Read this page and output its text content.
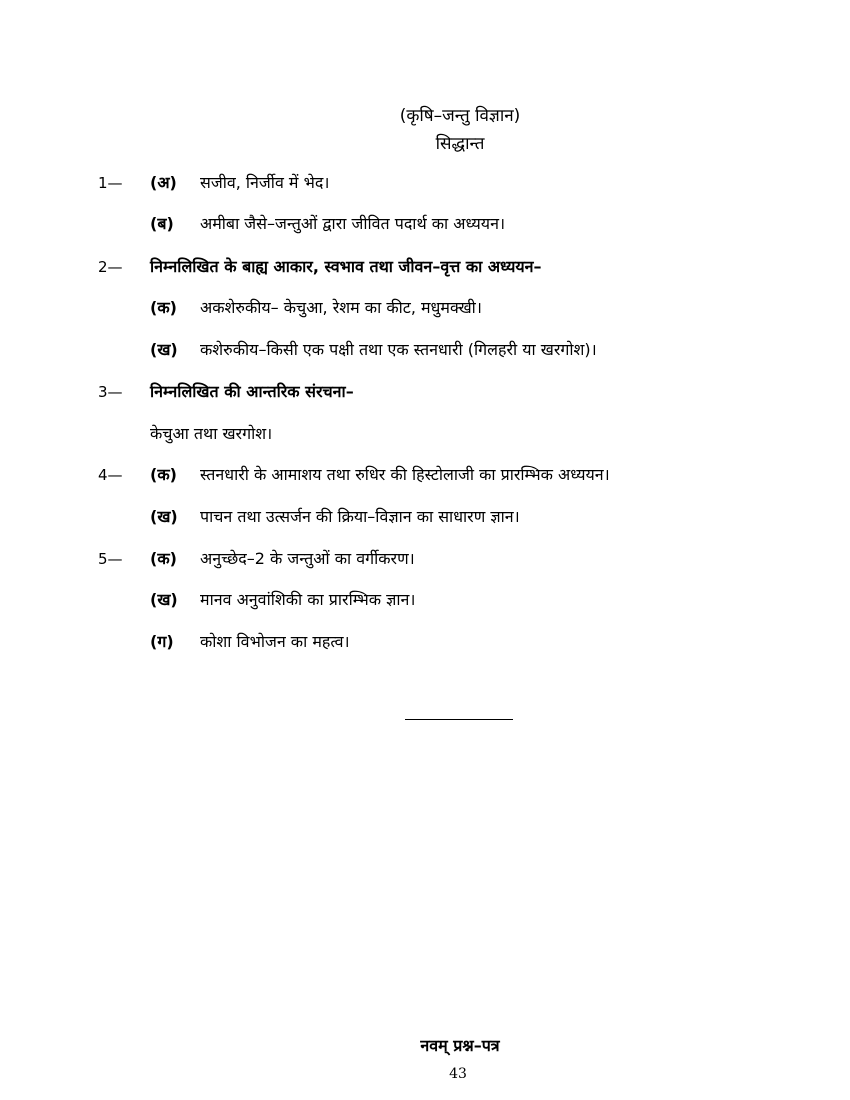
(कृषि–जन्तु विज्ञान)
सिद्धान्त
1— (अ) सजीव, निर्जीव में भेद।
(ब) अमीबा जैसे–जन्तुओं द्वारा जीवित पदार्थ का अध्ययन।
2— निम्नलिखित के बाह्य आकार, स्वभाव तथा जीवन–वृत्त का अध्ययन–
(क) अकशेरुकीय– केचुआ, रेशम का कीट, मधुमक्खी।
(ख) कशेरुकीय–किसी एक पक्षी तथा एक स्तनधारी (गिलहरी या खरगोश)।
3— निम्नलिखित की आन्तरिक संरचना–
केचुआ तथा खरगोश।
4— (क) स्तनधारी के आमाशय तथा रुधिर की हिस्टोलाजी का प्रारम्भिक अध्ययन।
(ख) पाचन तथा उत्सर्जन की क्रिया–विज्ञान का साधारण ज्ञान।
5— (क) अनुच्छेद–2 के जन्तुओं का वर्गीकरण।
(ख) मानव अनुवांशिकी का प्रारम्भिक ज्ञान।
(ग) कोशा विभोजन का महत्व।
नवम् प्रश्न–पत्र
43
